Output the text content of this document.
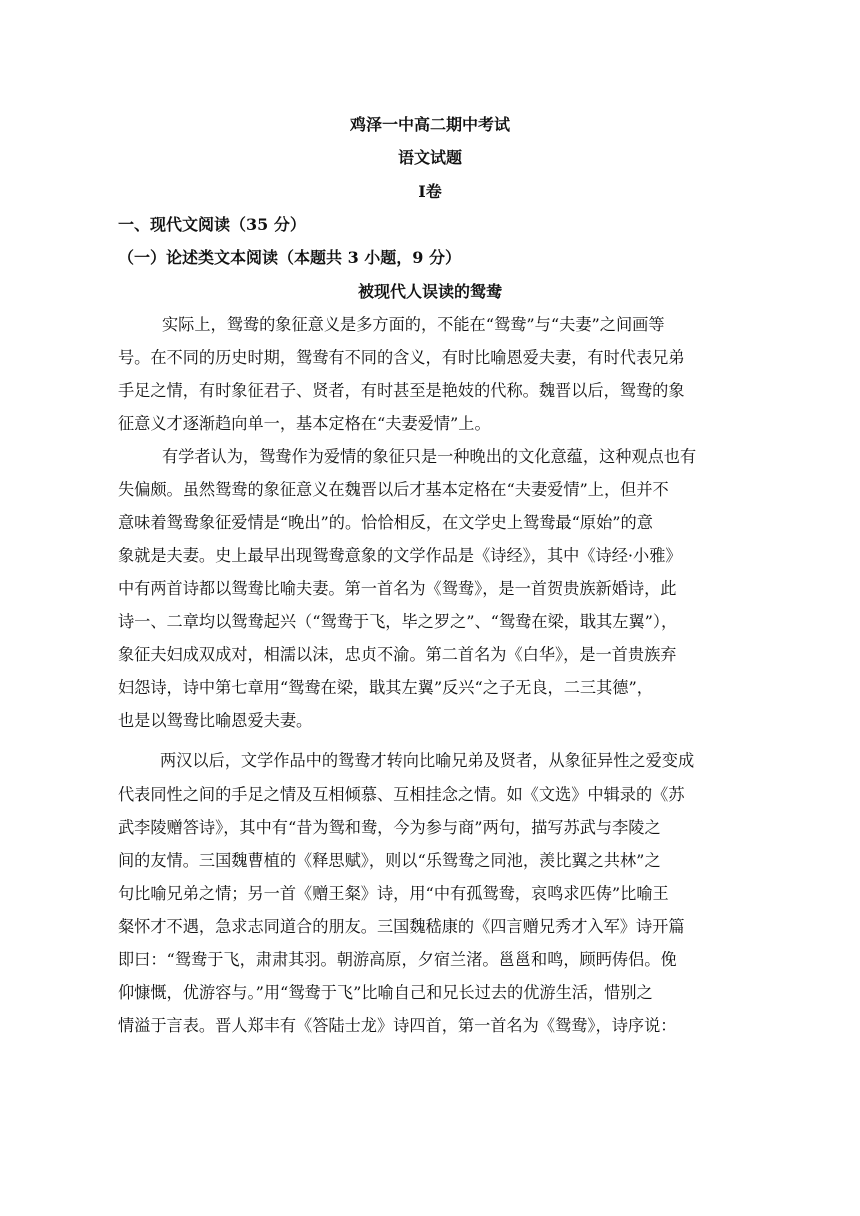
鸡泽一中高二期中考试
语文试题
Ⅰ卷
一、现代文阅读（35 分）
（一）论述类文本阅读（本题共 3 小题，9 分）
被现代人误读的鸳鸯
实际上，鸳鸯的象征意义是多方面的，不能在“鸳鸯”与“夫妻”之间画等
号。在不同的历史时期，鸳鸯有不同的含义，有时比喻恩爱夫妻，有时代表兄弟
手足之情，有时象征君子、贤者，有时甚至是艳妓的代称。魏晋以后，鸳鸯的象
征意义才逐渐趋向单一，基本定格在“夫妻爱情”上。
有学者认为，鸳鸯作为爱情的象征只是一种晚出的文化意蕴，这种观点也有
失偏颇。虽然鸳鸯的象征意义在魏晋以后才基本定格在“夫妻爱情”上，但并不
意味着鸳鸯象征爱情是“晚出”的。恰恰相反，在文学史上鸳鸯最“原始”的意
象就是夫妻。史上最早出现鸳鸯意象的文学作品是《诗经》，其中《诗经·小雅》
中有两首诗都以鸳鸯比喻夫妻。第一首名为《鸳鸯》，是一首贺贵族新婚诗，此
诗一、二章均以鸳鸯起兴（“鸳鸯于飞，毕之罗之”、“鸳鸯在梁，戢其左翼”），
象征夫妇成双成对，相濡以沫，忠贞不渝。第二首名为《白华》，是一首贵族弃
妇怨诗，诗中第七章用“鸳鸯在梁，戢其左翼”反兴“之子无良，二三其德”，
也是以鸳鸯比喻恩爱夫妻。
两汉以后，文学作品中的鸳鸯才转向比喻兄弟及贤者，从象征异性之爱变成
代表同性之间的手足之情及互相倾慕、互相挂念之情。如《文选》中辑录的《苏
武李陵赠答诗》，其中有“昔为鸳和鸯，今为参与商”两句，描写苏武与李陵之
间的友情。三国魏曹植的《释思赋》，则以“乐鸳鸯之同池，羡比翼之共林”之
句比喻兄弟之情；另一首《赠王粲》诗，用“中有孤鸳鸯，哀鸣求匹俦”比喻王
粲怀才不遇，急求志同道合的朋友。三国魏嵇康的《四言赠兄秀才入军》诗开篇
即曰：“鸳鸯于飞，肃肃其羽。朝游高原，夕宿兰渚。邕邕和鸣，顾眄俦侣。俛
仰慷慨，优游容与。”用“鸳鸯于飞”比喻自己和兄长过去的优游生活，惜别之
情溢于言表。晋人郑丰有《答陆士龙》诗四首，第一首名为《鸳鸯》，诗序说：
